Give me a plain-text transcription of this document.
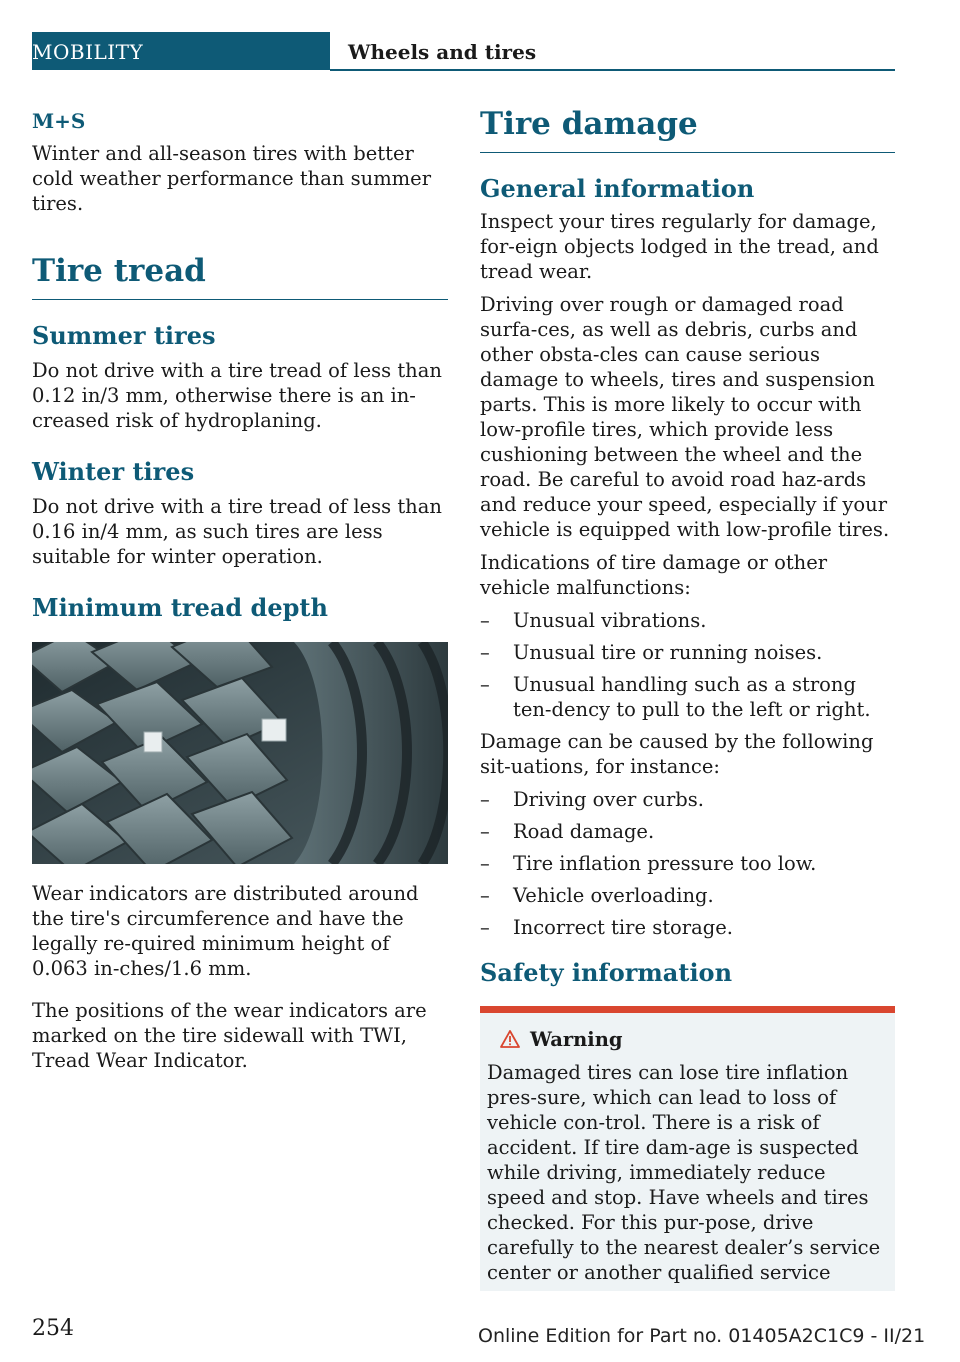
MOBILITY	Wheels and tires
M+S

Winter and all-season tires with better cold weather performance than summer tires.

Tire tread
Summer tires

Do not drive with a tire tread of less than 0.12 in/3 mm, otherwise there is an in-creased risk of hydroplaning.

Winter tires

Do not drive with a tire tread of less than 0.16 in/4 mm, as such tires are less suitable for winter operation.

Minimum tread depth

Wear indicators are distributed around the tire's circumference and have the legally re-quired minimum height of 0.063 in-ches/1.6 mm.

The positions of the wear indicators are marked on the tire sidewall with TWI, Tread Wear Indicator.

Tire damage
General information

Inspect your tires regularly for damage, for-eign objects lodged in the tread, and tread wear.

Driving over rough or damaged road surfa-ces, as well as debris, curbs and other obsta-cles can cause serious damage to wheels, tires and suspension parts. This is more likely to occur with low-profile tires, which provide less cushioning between the wheel and the road. Be careful to avoid road haz-ards and reduce your speed, especially if your vehicle is equipped with low-profile tires.

Indications of tire damage or other vehicle malfunctions:

– Unusual vibrations.
– Unusual tire or running noises.
– Unusual handling such as a strong ten-dency to pull to the left or right.

Damage can be caused by the following sit-uations, for instance:

– Driving over curbs.
– Road damage.
– Tire inflation pressure too low.
– Vehicle overloading.
– Incorrect tire storage.
Safety information
Warning

Damaged tires can lose tire inflation pres-sure, which can lead to loss of vehicle con-trol. There is a risk of accident. If tire dam-age is suspected while driving, immediately reduce speed and stop. Have wheels and tires checked. For this pur-pose, drive carefully to the nearest dealer’s service center or another qualified service

254	Online Edition for Part no. 01405A2C1C9 - II/21
